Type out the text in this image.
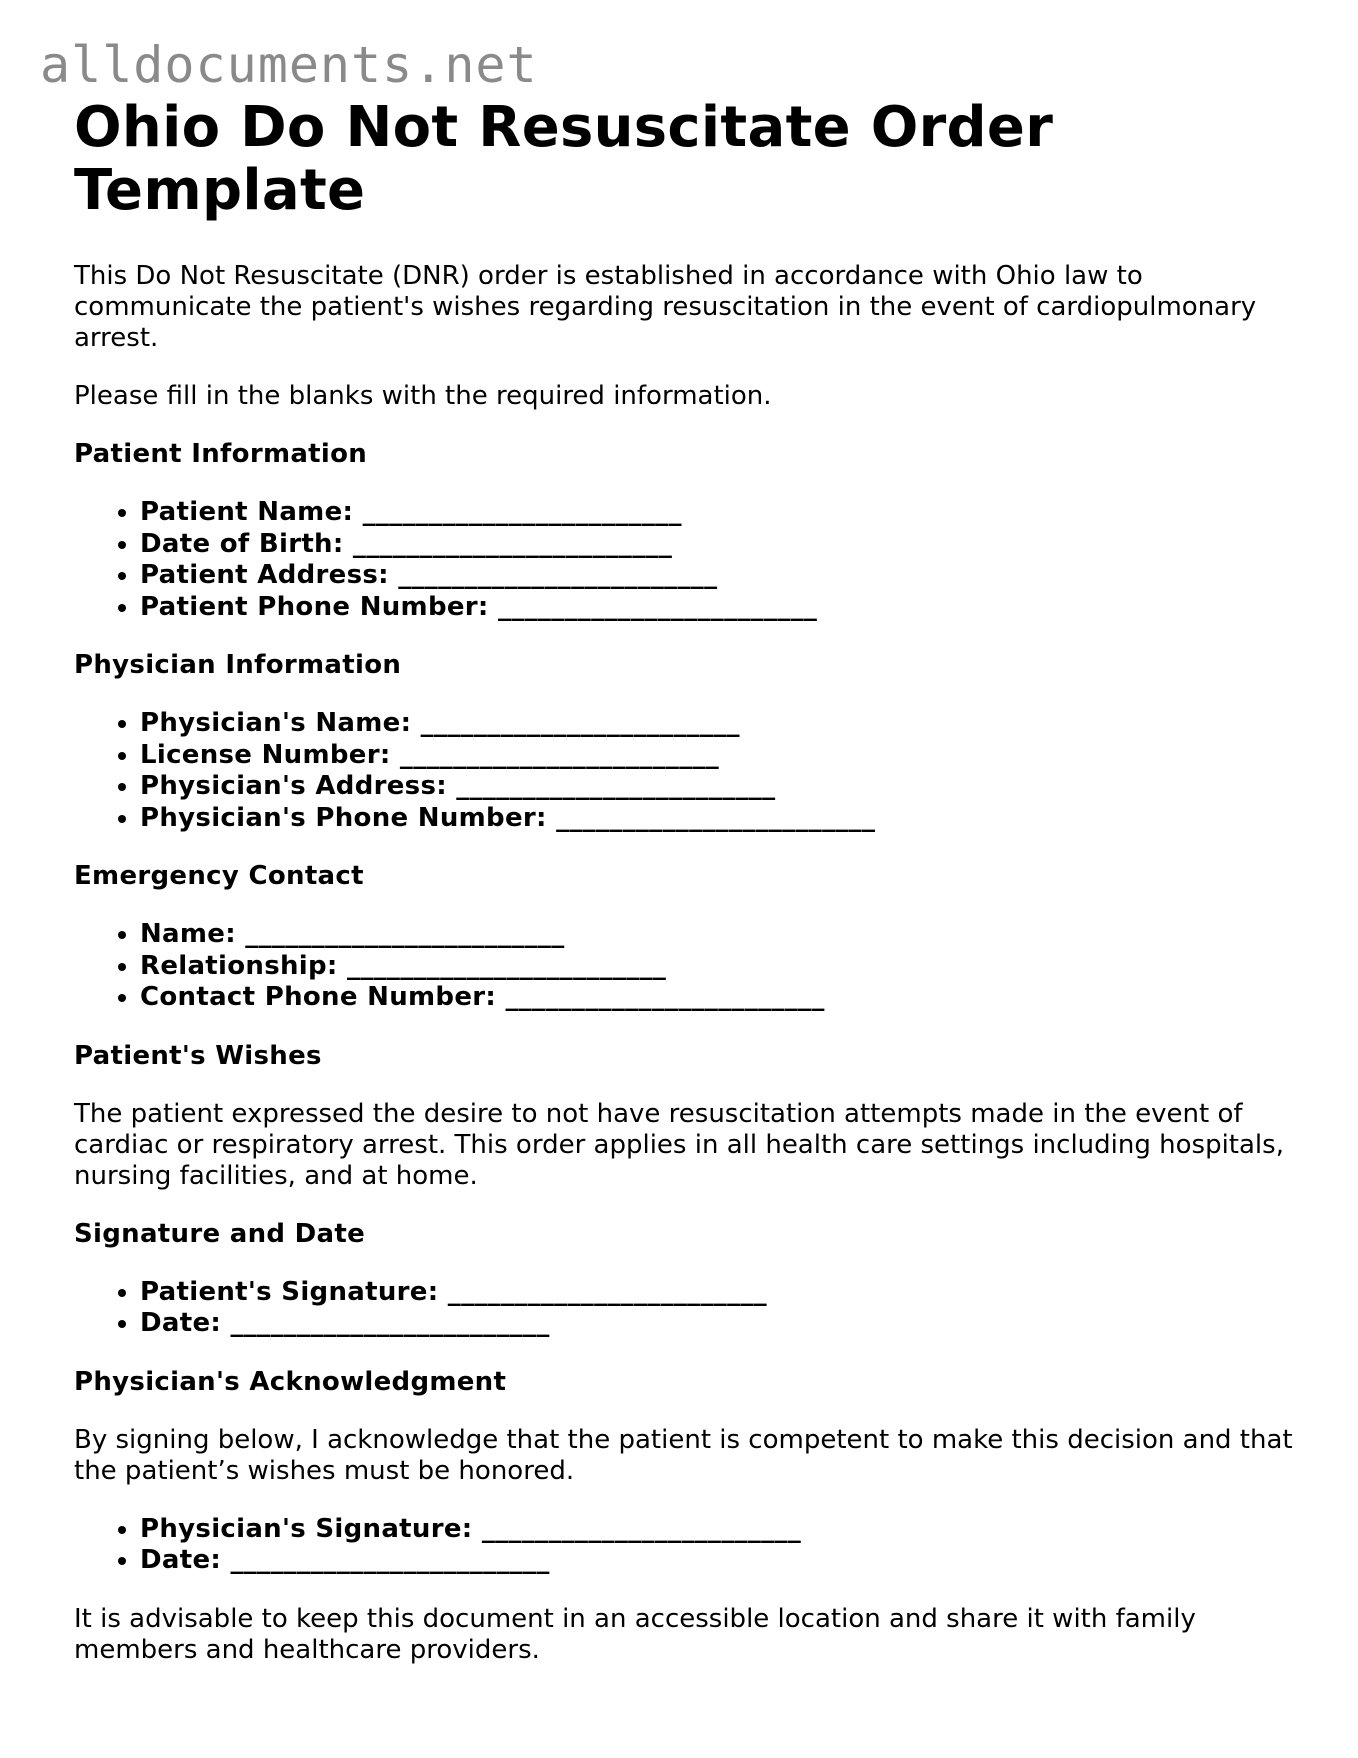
alldocuments.net
Ohio Do Not Resuscitate Order Template

This Do Not Resuscitate (DNR) order is established in accordance with Ohio law to communicate the patient's wishes regarding resuscitation in the event of cardiopulmonary arrest.

Please fill in the blanks with the required information.

Patient Information
• Patient Name: ________________________
• Date of Birth: ________________________
• Patient Address: ________________________
• Patient Phone Number: ________________________
Physician Information
• Physician's Name: ________________________
• License Number: ________________________
• Physician's Address: ________________________
• Physician's Phone Number: ________________________
Emergency Contact
• Name: ________________________
• Relationship: ________________________
• Contact Phone Number: ________________________
Patient's Wishes

The patient expressed the desire to not have resuscitation attempts made in the event of cardiac or respiratory arrest. This order applies in all health care settings including hospitals, nursing facilities, and at home.

Signature and Date
• Patient's Signature: ________________________
• Date: ________________________
Physician's Acknowledgment

By signing below, I acknowledge that the patient is competent to make this decision and that the patient’s wishes must be honored.

• Physician's Signature: ________________________
• Date: ________________________

It is advisable to keep this document in an accessible location and share it with family members and healthcare providers.
